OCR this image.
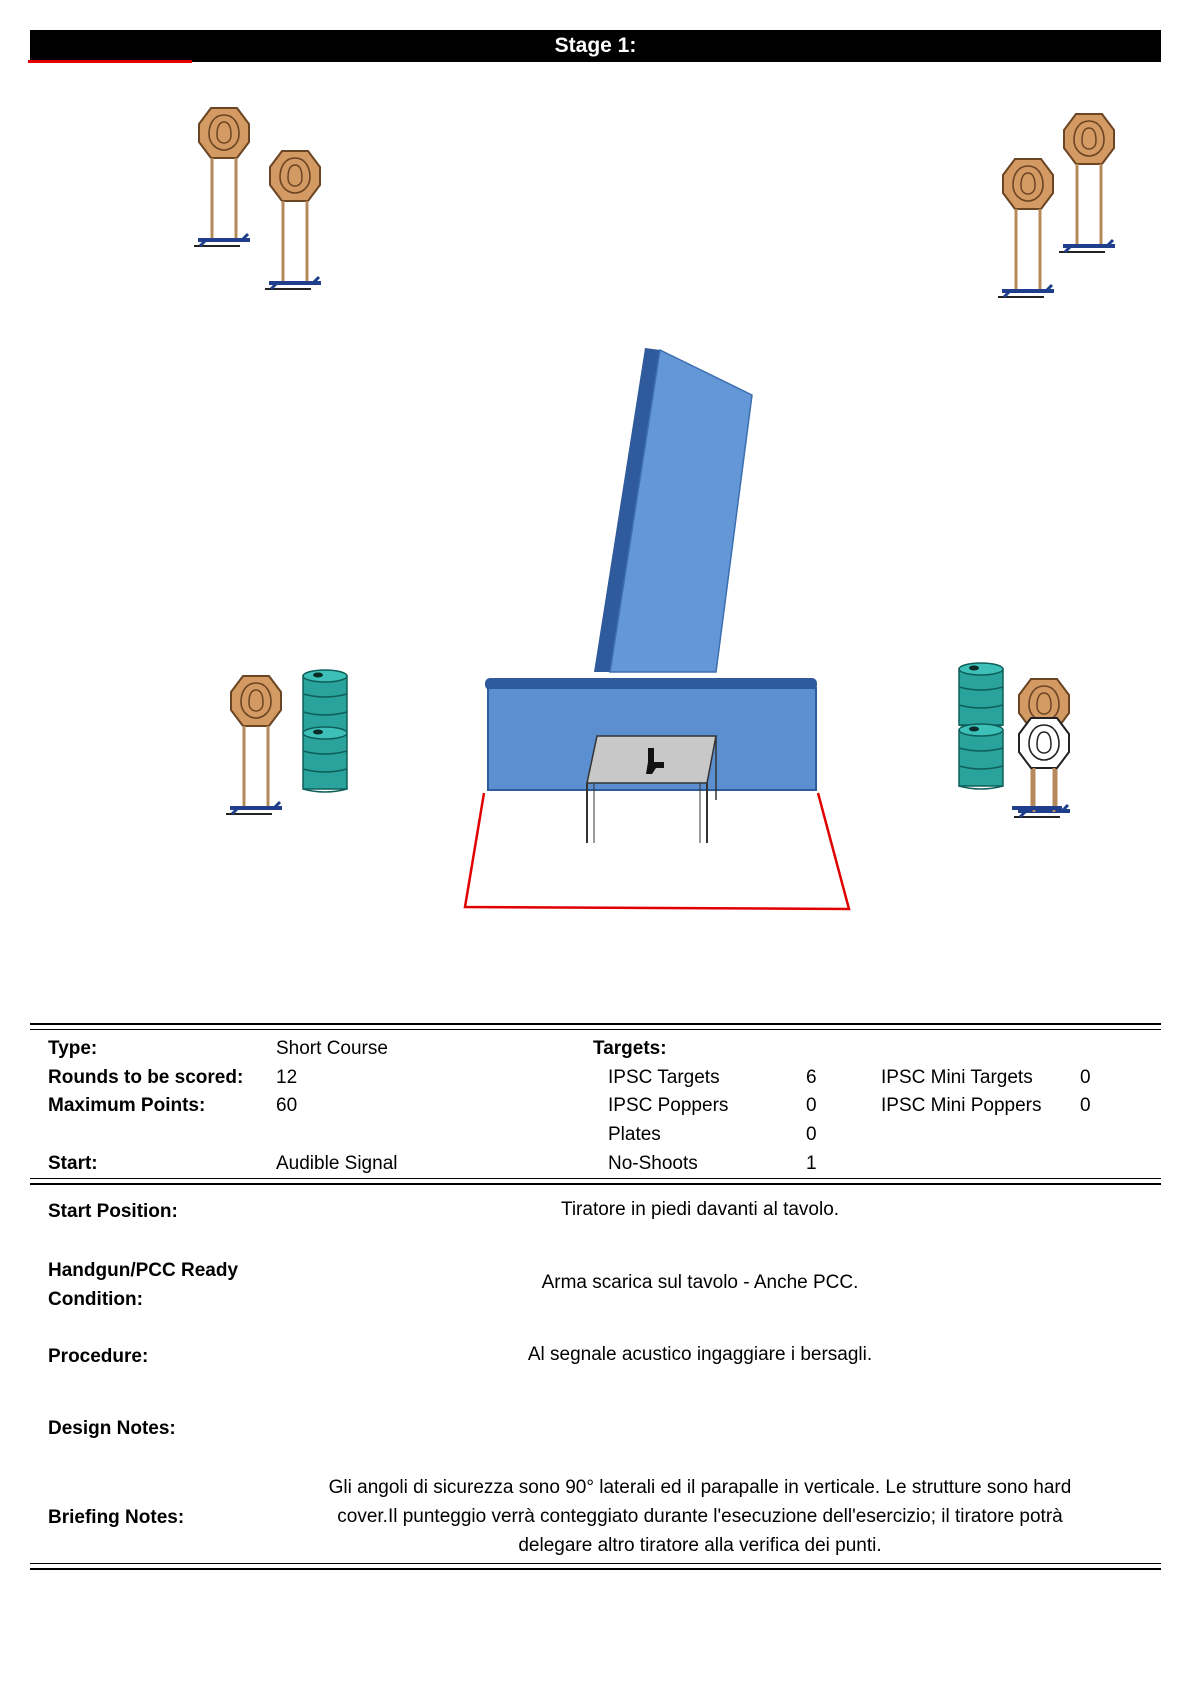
Stage 1:
Type:	Short Course	Targets:
Rounds to be scored: 12	IPSC Targets	6	IPSC Mini Targets 0
Maximum Points:	60	IPSC Poppers	0	IPSC Mini Poppers 0
Plates	0
Start:	Audible Signal	No-Shoots	1
Start Position:	Tiratore in piedi davanti al tavolo.
Handgun/PCC Ready
Condition:
Arma scarica sul tavolo - Anche PCC.
Procedure:	Al segnale acustico ingaggiare i bersagli.
Design Notes:
Briefing Notes:
Gli angoli di sicurezza sono 90° laterali ed il parapalle in verticale. Le strutture sono hard
cover.Il punteggio verrà conteggiato durante l'esecuzione dell'esercizio; il tiratore potrà
delegare altro tiratore alla verifica dei punti.
